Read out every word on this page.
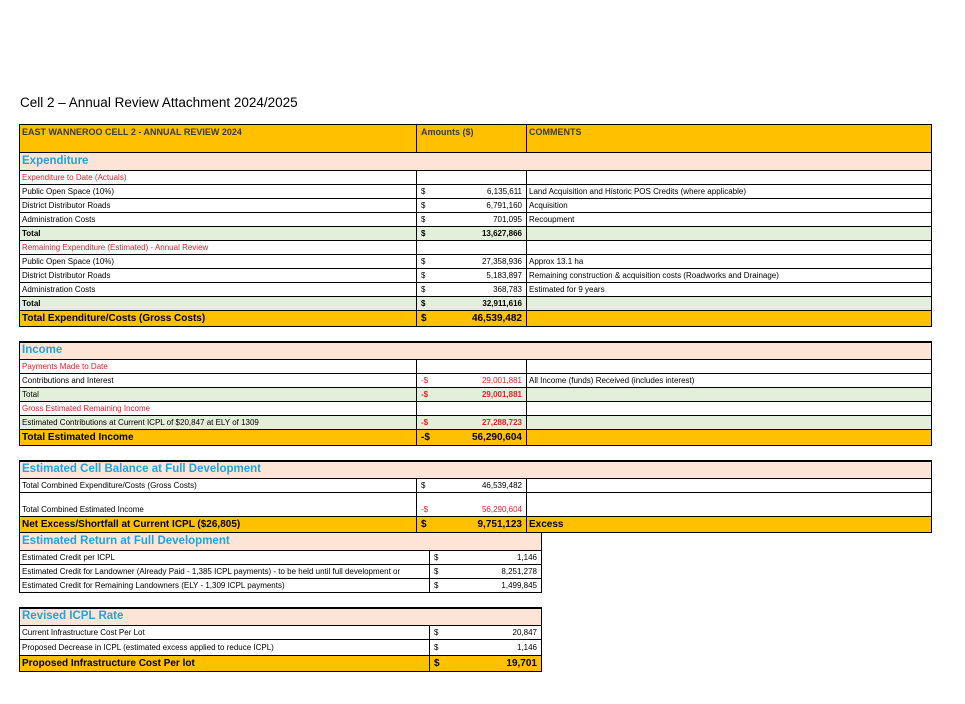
Cell 2 – Annual Review Attachment 2024/2025
EAST WANNEROO CELL 2 - ANNUAL REVIEW 2024	Amounts ($)	COMMENTS
Expenditure
Expenditure to Date (Actuals)
Public Open Space (10%)	$	6,135,611 Land Acquisition and Historic POS Credits (where applicable)
District Distributor Roads	$	6,791,160 Acquisition
Administration Costs	$	701,095 Recoupment
Total	$	13,627,866
Remaining Expenditure (Estimated) - Annual Review
Public Open Space (10%)	$	27,358,936 Approx 13.1 ha
District Distributor Roads	$	5,183,897 Remaining construction & acquisition costs (Roadworks and Drainage)
Administration Costs	$	368,783 Estimated for 9 years
Total	$	32,911,616
Total Expenditure/Costs (Gross Costs)	$	46,539,482
Income
Payments Made to Date
Contributions and Interest	-$	29,001,881 All Income (funds) Received (includes interest)
Total	-$	29,001,881
Gross Estimated Remaining Income
Estimated Contributions at Current ICPL of $20,847 at ELY of 1309	-$	27,288,723
Total Estimated Income	-$	56,290,604
Estimated Cell Balance at Full Development
Total Combined Expenditure/Costs (Gross Costs)	$	46,539,482
Total Combined Estimated Income	-$	56,290,604
Net Excess/Shortfall at Current ICPL ($26,805)	$	9,751,123 Excess
Estimated Return at Full Development
Estimated Credit per ICPL	$	1,146
Estimated Credit for Landowner (Already Paid - 1,385 ICPL payments) - to be held until full development or	$	8,251,278
Estimated Credit for Remaining Landowners (ELY - 1,309 ICPL payments)	$	1,499,845
Revised ICPL Rate
Current Infrastructure Cost Per Lot	$	20,847
Proposed Decrease in ICPL (estimated excess applied to reduce ICPL)	$	1,146
Proposed Infrastructure Cost Per lot	$	19,701
